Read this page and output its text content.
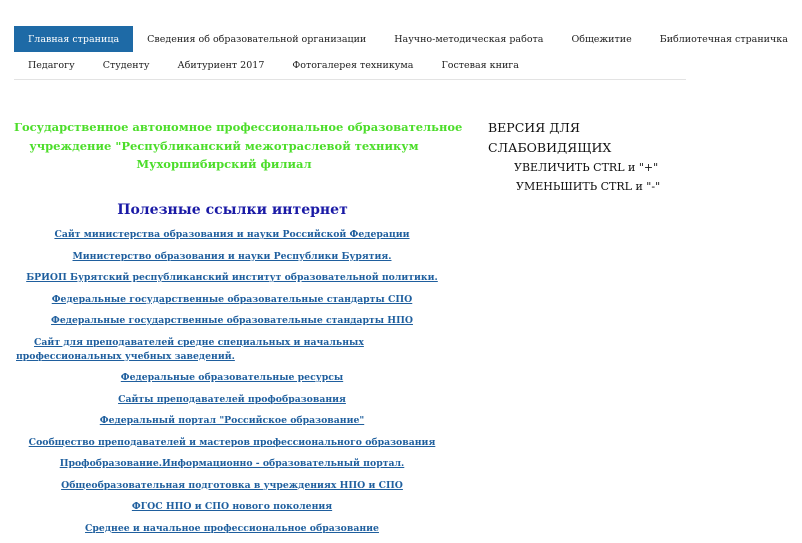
Главная страница	Сведения об образовательной организации	Научно-методическая работа	Общежитие	Библиотечная страничка
Педагогу	Студенту	Абитуриент 2017	Фотогалерея техникума	Гостевая книга
Государственное автономное профессиональное образовательное
учреждение "Республиканский межотраслевой техникум
Мухоршибирский филиал
ВЕРСИЯ ДЛЯ СЛАБОВИДЯЩИХ
УВЕЛИЧИТЬ CTRL и "+"
УМЕНЬШИТЬ CTRL и "-"
Полезные ссылки интернет
Сайт министерства образования и науки Российской Федерации
Министерство образования и науки Республики Бурятия.
БРИОП Бурятский республиканский институт образовательной политики.
Федеральные государственные образовательные стандарты СПО
Федеральные государственные образовательные стандарты НПО
Сайт для преподавателей средне специальных и начальных профессиональных учебных заведений.
Федеральные образовательные ресурсы
Сайты преподавателей профобразования
Федеральный портал "Российское образование"
Сообщество преподавателей и мастеров профессионального образования
Профобразование.Информационно - образовательный портал.
Общеобразовательная подготовка в учреждениях НПО и СПО
ФГОС НПО и СПО нового поколения
Среднее и начальное профессиональное образование
